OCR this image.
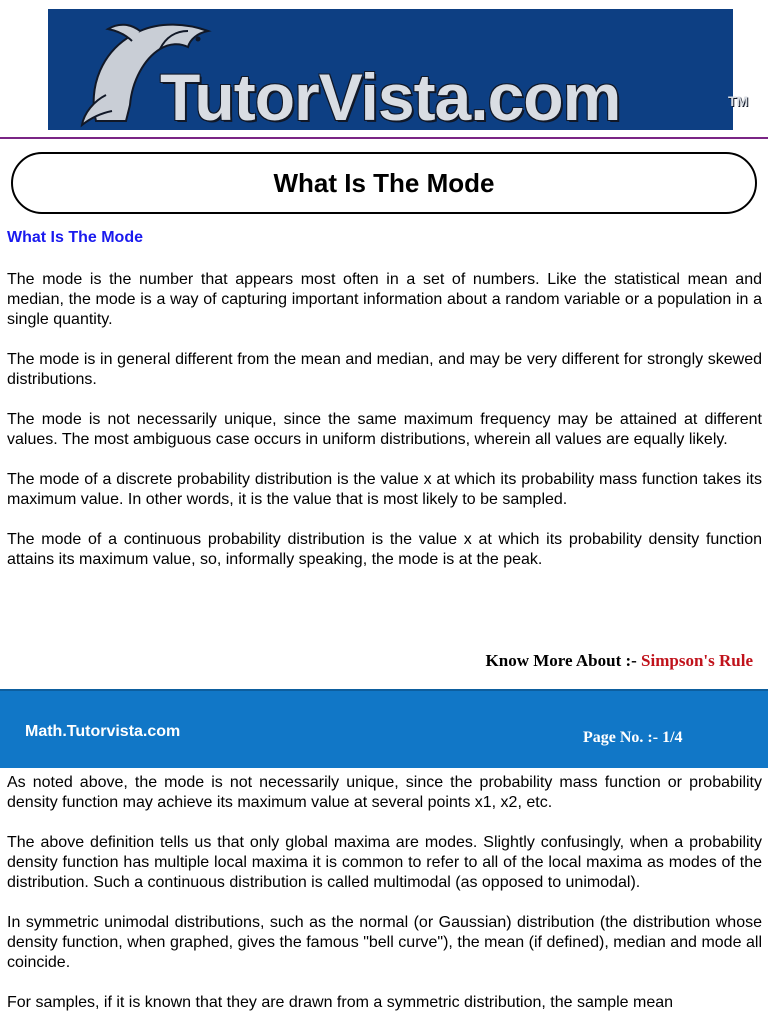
TutorVista.com	TM
What Is The Mode
What Is The Mode

The mode is the number that appears most often in a set of numbers. Like the statistical mean and median, the mode is a way of capturing important information about a random variable or a population in a single quantity.

The mode is in general different from the mean and median, and may be very different for strongly skewed distributions.

The mode is not necessarily unique, since the same maximum frequency may be attained at different values. The most ambiguous case occurs in uniform distributions, wherein all values are equally likely.

The mode of a discrete probability distribution is the value x at which its probability mass function takes its maximum value. In other words, it is the value that is most likely to be sampled.

The mode of a continuous probability distribution is the value x at which its probability density function attains its maximum value, so, informally speaking, the mode is at the peak.

Know More About :- Simpson's Rule
Math.Tutorvista.com	Page No. :- 1/4

As noted above, the mode is not necessarily unique, since the probability mass function or probability density function may achieve its maximum value at several points x1, x2, etc.

The above definition tells us that only global maxima are modes. Slightly confusingly, when a probability density function has multiple local maxima it is common to refer to all of the local maxima as modes of the distribution. Such a continuous distribution is called multimodal (as opposed to unimodal).

In symmetric unimodal distributions, such as the normal (or Gaussian) distribution (the distribution whose density function, when graphed, gives the famous "bell curve"), the mean (if defined), median and mode all coincide.

For samples, if it is known that they are drawn from a symmetric distribution, the sample mean
